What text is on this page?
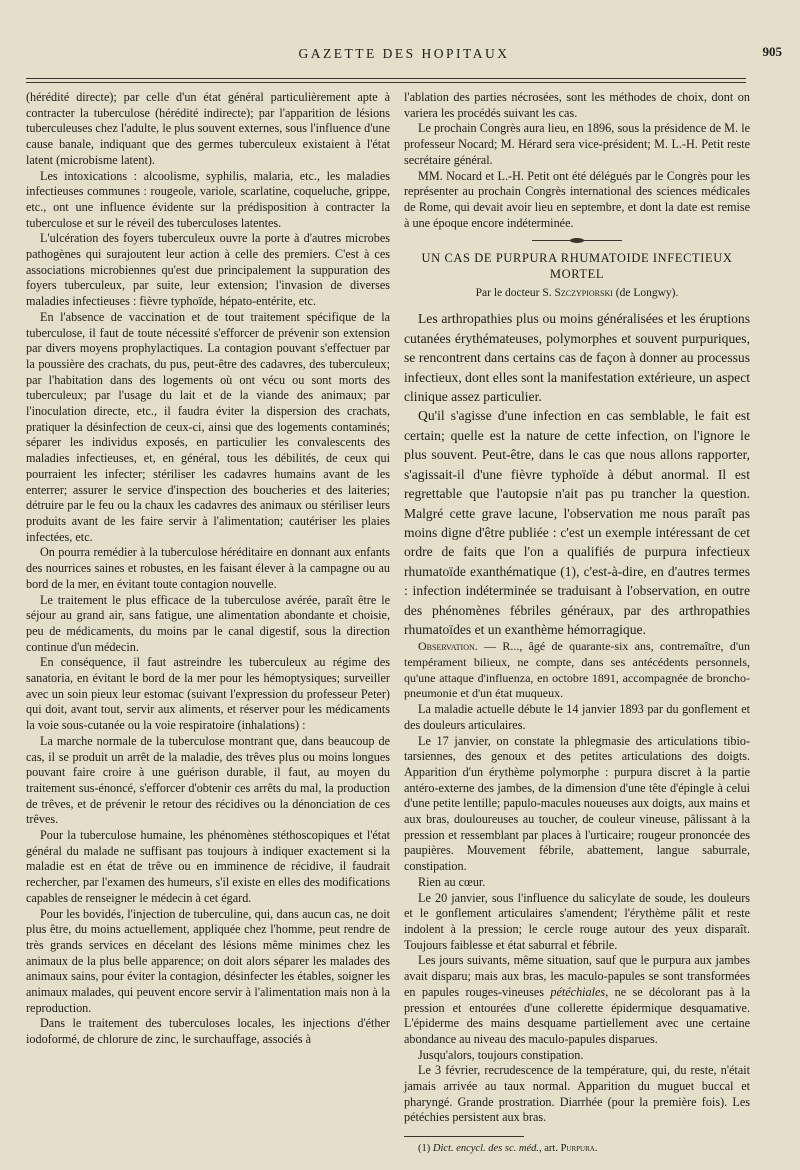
GAZETTE DES HOPITAUX	905

(hérédité directe); par celle d'un état général particulièrement apte à contracter la tuberculose (hérédité indirecte); par l'apparition de lésions tuberculeuses chez l'adulte, le plus souvent externes, sous l'influence d'une cause banale, indiquant que des germes tuberculeux existaient à l'état latent (microbisme latent).

Les intoxications : alcoolisme, syphilis, malaria, etc., les maladies infectieuses communes : rougeole, variole, scarlatine, coqueluche, grippe, etc., ont une influence évidente sur la prédisposition à contracter la tuberculose et sur le réveil des tuberculoses latentes.

L'ulcération des foyers tuberculeux ouvre la porte à d'autres microbes pathogènes qui surajoutent leur action à celle des premiers. C'est à ces associations microbiennes qu'est due principalement la suppuration des foyers tuberculeux, par suite, leur extension; l'invasion de diverses maladies infectieuses : fièvre typhoïde, hépato-entérite, etc.

En l'absence de vaccination et de tout traitement spécifique de la tuberculose, il faut de toute nécessité s'efforcer de prévenir son extension par divers moyens prophylactiques. La contagion pouvant s'effectuer par la poussière des crachats, du pus, peut-être des cadavres, des tuberculeux; par l'habitation dans des logements où ont vécu ou sont morts des tuberculeux; par l'usage du lait et de la viande des animaux; par l'inoculation directe, etc., il faudra éviter la dispersion des crachats, pratiquer la désinfection de ceux-ci, ainsi que des logements contaminés; séparer les individus exposés, en particulier les convalescents des maladies infectieuses, et, en général, tous les débilités, de ceux qui pourraient les infecter; stériliser les cadavres humains avant de les enterrer; assurer le service d'inspection des boucheries et des laiteries; détruire par le feu ou la chaux les cadavres des animaux ou stériliser leurs produits avant de les faire servir à l'alimentation; cautériser les plaies infectées, etc.

On pourra remédier à la tuberculose héréditaire en donnant aux enfants des nourrices saines et robustes, en les faisant élever à la campagne ou au bord de la mer, en évitant toute contagion nouvelle.

Le traitement le plus efficace de la tuberculose avérée, paraît être le séjour au grand air, sans fatigue, une alimentation abondante et choisie, peu de médicaments, du moins par le canal digestif, sous la direction continue d'un médecin.

En conséquence, il faut astreindre les tuberculeux au régime des sanatoria, en évitant le bord de la mer pour les hémoptysiques; surveiller avec un soin pieux leur estomac (suivant l'expression du professeur Peter) qui doit, avant tout, servir aux aliments, et réserver pour les médicaments la voie sous-cutanée ou la voie respiratoire (inhalations) :

La marche normale de la tuberculose montrant que, dans beaucoup de cas, il se produit un arrêt de la maladie, des trêves plus ou moins longues pouvant faire croire à une guérison durable, il faut, au moyen du traitement sus-énoncé, s'efforcer d'obtenir ces arrêts du mal, la production de trêves, et de prévenir le retour des récidives ou la dénonciation de ces trêves.

Pour la tuberculose humaine, les phénomènes stéthoscopiques et l'état général du malade ne suffisant pas toujours à indiquer exactement si la maladie est en état de trêve ou en imminence de récidive, il faudrait rechercher, par l'examen des humeurs, s'il existe en elles des modifications capables de renseigner le médecin à cet égard.

Pour les bovidés, l'injection de tuberculine, qui, dans aucun cas, ne doit plus être, du moins actuellement, appliquée chez l'homme, peut rendre de très grands services en décelant des lésions même minimes chez les animaux de la plus belle apparence; on doit alors séparer les malades des animaux sains, pour éviter la contagion, désinfecter les étables, soigner les animaux malades, qui peuvent encore servir à l'alimentation mais non à la reproduction.

Dans le traitement des tuberculoses locales, les injections d'éther iodoformé, de chlorure de zinc, le surchauffage, associés à

l'ablation des parties nécrosées, sont les méthodes de choix, dont on variera les procédés suivant les cas.

Le prochain Congrès aura lieu, en 1896, sous la présidence de M. le professeur Nocard; M. Hérard sera vice-président; M. L.-H. Petit reste secrétaire général.

MM. Nocard et L.-H. Petit ont été délégués par le Congrès pour les représenter au prochain Congrès international des sciences médicales de Rome, qui devait avoir lieu en septembre, et dont la date est remise à une époque encore indéterminée.

UN CAS DE PURPURA RHUMATOIDE INFECTIEUX MORTEL
Par le docteur S. Szczypiorski (de Longwy).

Les arthropathies plus ou moins généralisées et les éruptions cutanées érythémateuses, polymorphes et souvent purpuriques, se rencontrent dans certains cas de façon à donner au processus infectieux, dont elles sont la manifestation extérieure, un aspect clinique assez particulier.

Qu'il s'agisse d'une infection en cas semblable, le fait est certain; quelle est la nature de cette infection, on l'ignore le plus souvent. Peut-être, dans le cas que nous allons rapporter, s'agissait-il d'une fièvre typhoïde à début anormal. Il est regrettable que l'autopsie n'ait pas pu trancher la question. Malgré cette grave lacune, l'observation me nous paraît pas moins digne d'être publiée : c'est un exemple intéressant de cet ordre de faits que l'on a qualifiés de purpura infectieux rhumatoïde exanthématique (1), c'est-à-dire, en d'autres termes : infection indéterminée se traduisant à l'observation, en outre des phénomènes fébriles généraux, par des arthropathies rhumatoïdes et un exanthème hémorragique.

Observation. — R..., âgé de quarante-six ans, contremaître, d'un tempérament bilieux, ne compte, dans ses antécédents personnels, qu'une attaque d'influenza, en octobre 1891, accompagnée de broncho-pneumonie et d'un état muqueux.

La maladie actuelle débute le 14 janvier 1893 par du gonflement et des douleurs articulaires.

Le 17 janvier, on constate la phlegmasie des articulations tibio-tarsiennes, des genoux et des petites articulations des doigts. Apparition d'un érythème polymorphe : purpura discret à la partie antéro-externe des jambes, de la dimension d'une tête d'épingle à celui d'une petite lentille; papulo-macules noueuses aux doigts, aux mains et aux bras, douloureuses au toucher, de couleur vineuse, pâlissant à la pression et ressemblant par places à l'urticaire; rougeur prononcée des paupières. Mouvement fébrile, abattement, langue saburrale, constipation.

Rien au cœur.

Le 20 janvier, sous l'influence du salicylate de soude, les douleurs et le gonflement articulaires s'amendent; l'érythème pâlit et reste indolent à la pression; le cercle rouge autour des yeux disparaît. Toujours faiblesse et état saburral et fébrile.

Les jours suivants, même situation, sauf que le purpura aux jambes avait disparu; mais aux bras, les maculo-papules se sont transformées en papules rouges-vineuses pétéchiales, ne se décolorant pas à la pression et entourées d'une collerette épidermique desquamative. L'épiderme des mains desquame partiellement avec une certaine abondance au niveau des maculo-papules disparues.

Jusqu'alors, toujours constipation.

Le 3 février, recrudescence de la température, qui, du reste, n'était jamais arrivée au taux normal. Apparition du muguet buccal et pharyngé. Grande prostration. Diarrhée (pour la première fois). Les pétéchies persistent aux bras.

(1) Dict. encycl. des sc. méd., art. Purpura.
